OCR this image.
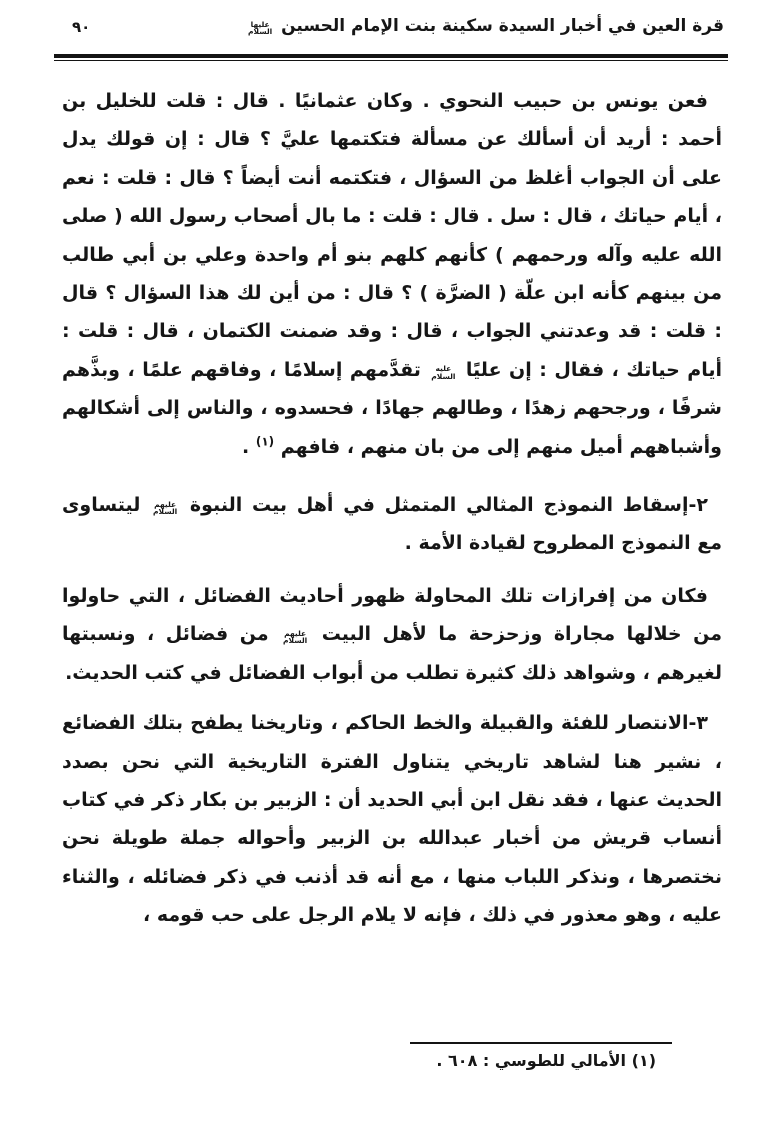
قرة العين في أخبار السيدة سكينة بنت الإمام الحسين عليها السلام
٩٠

فعن يونس بن حبيب النحوي . وكان عثمانيًا . قال : قلت للخليل بن أحمد : أريد أن أسألك عن مسألة فتكتمها عليَّ ؟ قال : إن قولك يدل على أن الجواب أغلظ من السؤال ، فتكتمه أنت أيضاً ؟ قال : قلت : نعم ، أيام حياتك ، قال : سل . قال : قلت : ما بال أصحاب رسول الله ( صلى الله عليه وآله ورحمهم ) كأنهم كلهم بنو أم واحدة وعلي بن أبي طالب من بينهم كأنه ابن علّة ( الضرَّة ) ؟ قال : من أين لك هذا السؤال ؟ قال : قلت : قد وعدتني الجواب ، قال : وقد ضمنت الكتمان ، قال : قلت : أيام حياتك ، فقال : إن عليًا عليه السلام تقدَّمهم إسلامًا ، وفاقهم علمًا ، وبذَّهم شرفًا ، ورجحهم زهدًا ، وطالهم جهادًا ، فحسدوه ، والناس إلى أشكالهم وأشباههم أميل منهم إلى من بان منهم ، فافهم $^{(١)}$ .

٢-إسقاط النموذج المثالي المتمثل في أهل بيت النبوة عليهم السلام ليتساوى مع النموذج المطروح لقيادة الأمة .

فكان من إفرازات تلك المحاولة ظهور أحاديث الفضائل ، التي حاولوا من خلالها مجاراة وزحزحة ما لأهل البيت عليهم السلام من فضائل ، ونسبتها لغيرهم ، وشواهد ذلك كثيرة تطلب من أبواب الفضائل في كتب الحديث.

٣-الانتصار للفئة والقبيلة والخط الحاكم ، وتاريخنا يطفح بتلك الفضائع ، نشير هنا لشاهد تاريخي يتناول الفترة التاريخية التي نحن بصدد الحديث عنها ، فقد نقل ابن أبي الحديد أن : الزبير بن بكار ذكر في كتاب أنساب قريش من أخبار عبدالله بن الزبير وأحواله جملة طويلة نحن نختصرها ، ونذكر اللباب منها ، مع أنه قد أذنب في ذكر فضائله ، والثناء عليه ، وهو معذور في ذلك ، فإنه لا يلام الرجل على حب قومه ،

(١) الأمالي للطوسي : ٦٠٨ .
